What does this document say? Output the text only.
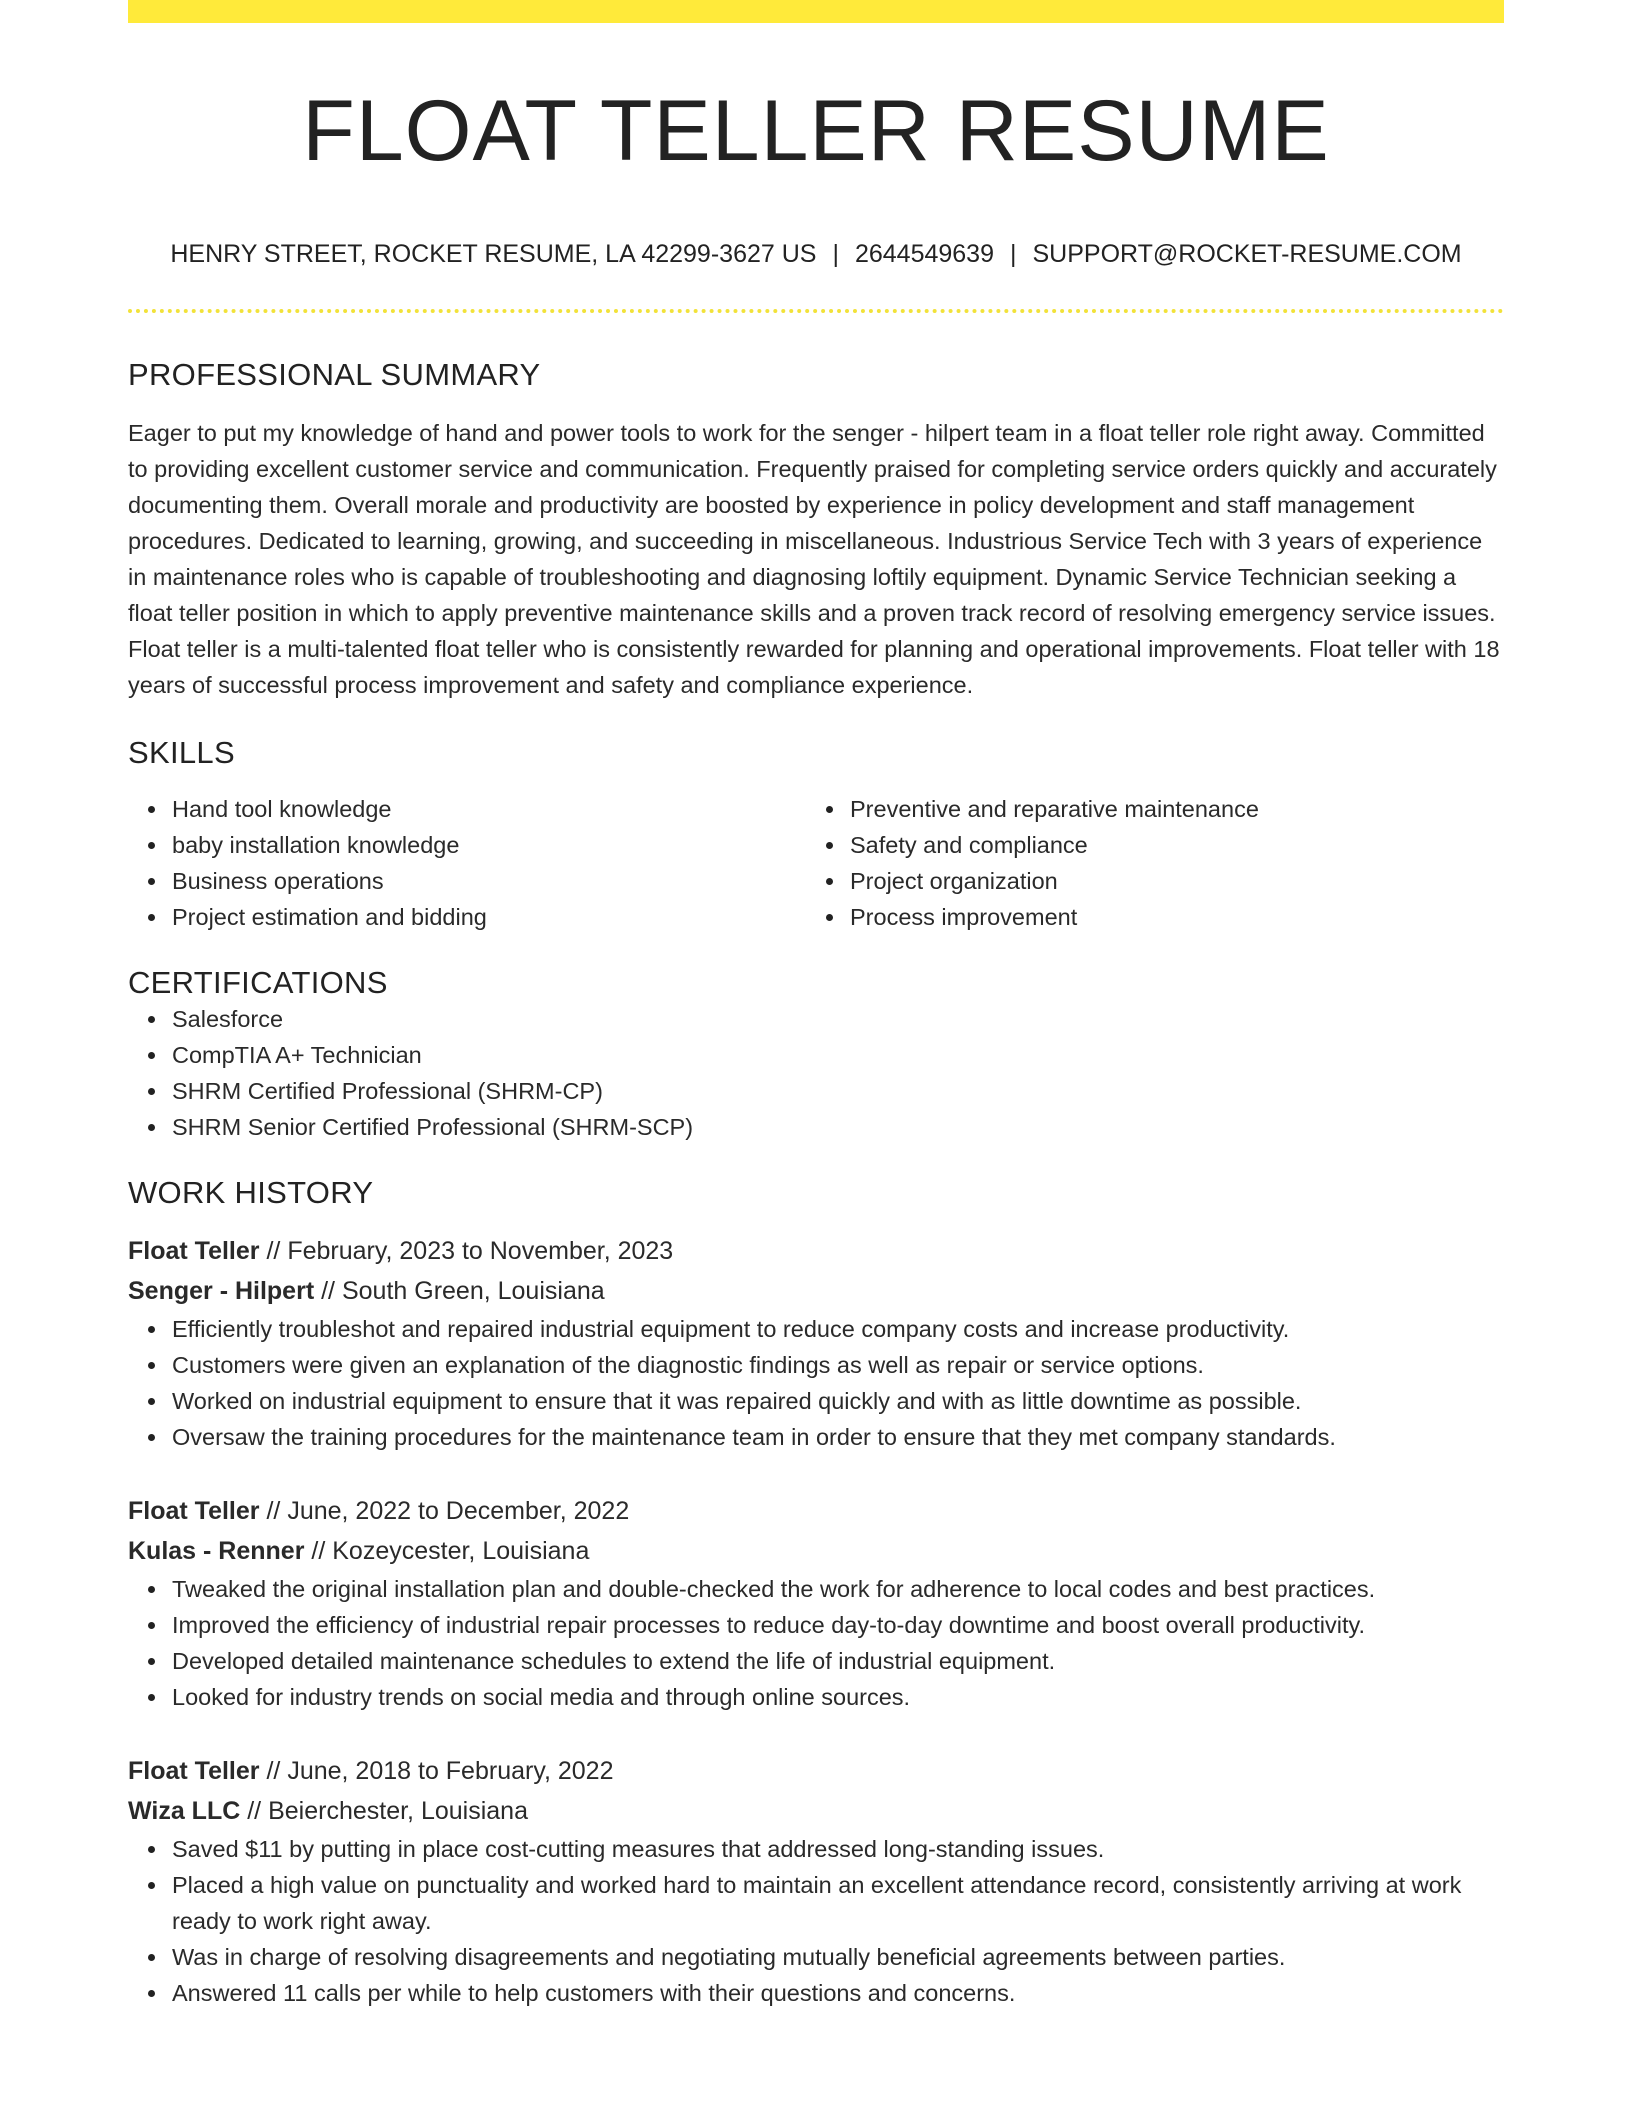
FLOAT TELLER RESUME
HENRY STREET, ROCKET RESUME, LA 42299-3627 US | 2644549639 | SUPPORT@ROCKET-RESUME.COM
PROFESSIONAL SUMMARY
Eager to put my knowledge of hand and power tools to work for the senger - hilpert team in a float teller role right away. Committed to providing excellent customer service and communication. Frequently praised for completing service orders quickly and accurately documenting them. Overall morale and productivity are boosted by experience in policy development and staff management procedures. Dedicated to learning, growing, and succeeding in miscellaneous. Industrious Service Tech with 3 years of experience in maintenance roles who is capable of troubleshooting and diagnosing loftily equipment. Dynamic Service Technician seeking a float teller position in which to apply preventive maintenance skills and a proven track record of resolving emergency service issues. Float teller is a multi-talented float teller who is consistently rewarded for planning and operational improvements. Float teller with 18 years of successful process improvement and safety and compliance experience.
SKILLS
Hand tool knowledge
baby installation knowledge
Business operations
Project estimation and bidding
Preventive and reparative maintenance
Safety and compliance
Project organization
Process improvement
CERTIFICATIONS
Salesforce
CompTIA A+ Technician
SHRM Certified Professional (SHRM-CP)
SHRM Senior Certified Professional (SHRM-SCP)
WORK HISTORY
Float Teller // February, 2023 to November, 2023
Senger - Hilpert // South Green, Louisiana
Efficiently troubleshot and repaired industrial equipment to reduce company costs and increase productivity.
Customers were given an explanation of the diagnostic findings as well as repair or service options.
Worked on industrial equipment to ensure that it was repaired quickly and with as little downtime as possible.
Oversaw the training procedures for the maintenance team in order to ensure that they met company standards.
Float Teller // June, 2022 to December, 2022
Kulas - Renner // Kozeycester, Louisiana
Tweaked the original installation plan and double-checked the work for adherence to local codes and best practices.
Improved the efficiency of industrial repair processes to reduce day-to-day downtime and boost overall productivity.
Developed detailed maintenance schedules to extend the life of industrial equipment.
Looked for industry trends on social media and through online sources.
Float Teller // June, 2018 to February, 2022
Wiza LLC // Beierchester, Louisiana
Saved $11 by putting in place cost-cutting measures that addressed long-standing issues.
Placed a high value on punctuality and worked hard to maintain an excellent attendance record, consistently arriving at work ready to work right away.
Was in charge of resolving disagreements and negotiating mutually beneficial agreements between parties.
Answered 11 calls per while to help customers with their questions and concerns.
